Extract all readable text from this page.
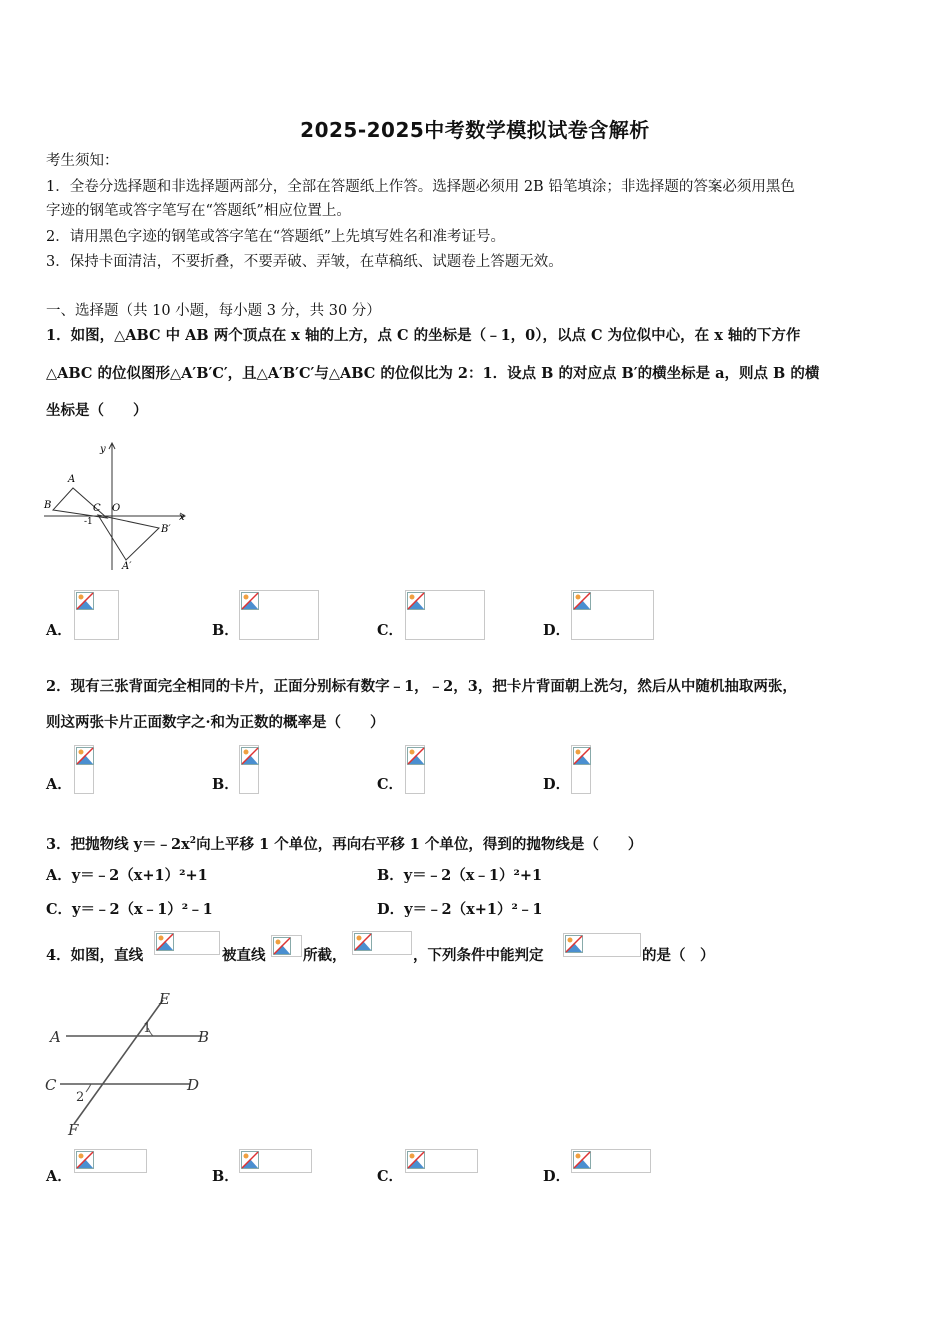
2025-2025中考数学模拟试卷含解析
考生须知：
1．全卷分选择题和非选择题两部分，全部在答题纸上作答。选择题必须用 2B 铅笔填涂；非选择题的答案必须用黑色
字迹的钢笔或答字笔写在“答题纸”相应位置上。
2．请用黑色字迹的钢笔或答字笔在“答题纸”上先填写姓名和准考证号。
3．保持卡面清洁，不要折叠，不要弄破、弄皱，在草稿纸、试题卷上答题无效。
一、选择题（共 10 小题，每小题 3 分，共 30 分）
1．如图，△ABC 中 AB 两个顶点在 x 轴的上方，点 C 的坐标是（﹣1，0），以点 C 为位似中心，在 x 轴的下方作
△ABC 的位似图形△A′B′C′，且△A′B′C′与△ABC 的位似比为 2：1．设点 B 的对应点 B′的横坐标是 a，则点 B 的横
坐标是（　　）
y
A
B	C O
-1	x
B′
A′
A．	B．	C．	D．
2．现有三张背面完全相同的卡片，正面分别标有数字﹣1，﹣2，3，把卡片背面朝上洗匀，然后从中随机抽取两张，
则这两张卡片正面数字之·和为正数的概率是（　　）
A．	B．	C．	D．
3．把抛物线 $y=﹣2x^2$向上平移 1 个单位，再向右平移 1 个单位，得到的抛物线是（　　）
A．y＝﹣2（x+1）²+1	B．y＝﹣2（x﹣1）²+1
C．y＝﹣2（x﹣1）²﹣1	D．y＝﹣2（x+1）²﹣1
4．如图，直线	被直线	所截，	，下列条件中能判定	的是（　）
E
A	1	B
C	D
2
F
A．	B．	C．	D．
